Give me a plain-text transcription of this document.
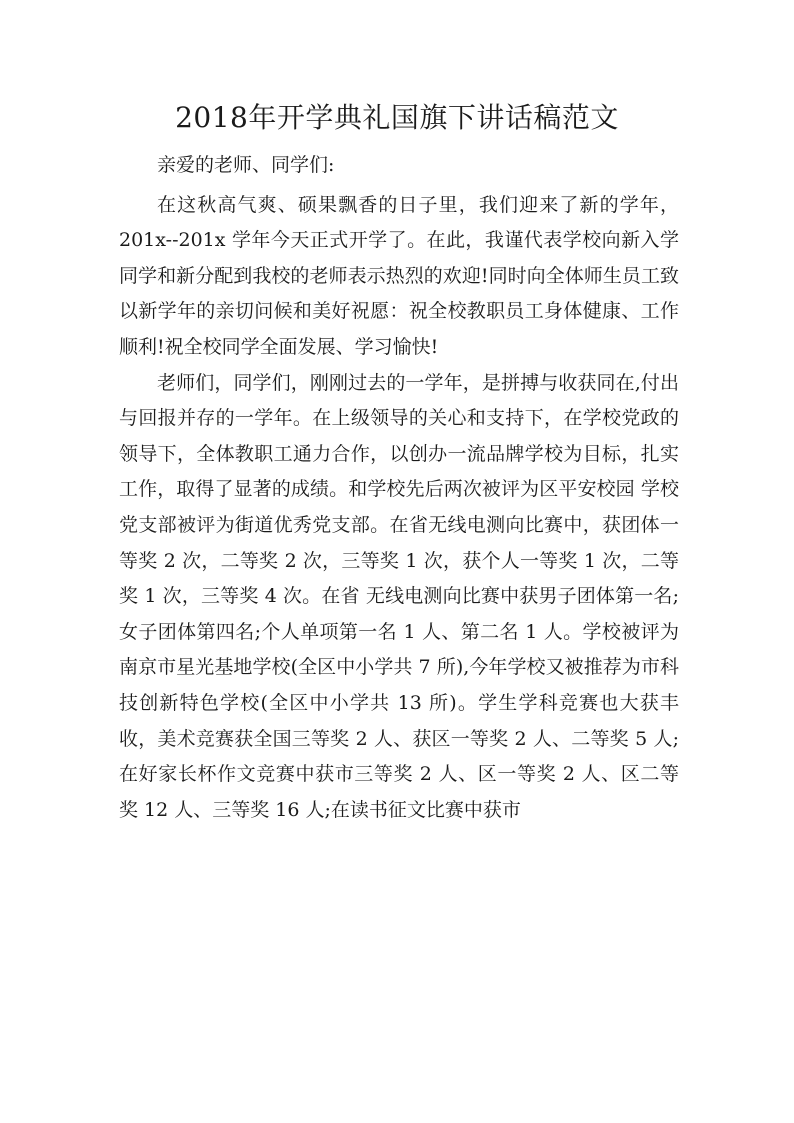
2018年开学典礼国旗下讲话稿范文

亲爱的老师、同学们:

在这秋高气爽、硕果飘香的日子里，我们迎来了新的学年，201x--201x 学年今天正式开学了。在此，我谨代表学校向新入学同学和新分配到我校的老师表示热烈的欢迎!同时向全体师生员工致以新学年的亲切问候和美好祝愿：祝全校教职员工身体健康、工作顺利!祝全校同学全面发展、学习愉快!

老师们，同学们，刚刚过去的一学年，是拼搏与收获同在,付出与回报并存的一学年。在上级领导的关心和支持下，在学校党政的领导下，全体教职工通力合作，以创办一流品牌学校为目标，扎实工作，取得了显著的成绩。和学校先后两次被评为区平安校园 学校党支部被评为街道优秀党支部。在省无线电测向比赛中，获团体一等奖 2 次，二等奖 2 次，三等奖 1 次，获个人一等奖 1 次，二等奖 1 次，三等奖 4 次。在省 无线电测向比赛中获男子团体第一名;女子团体第四名;个人单项第一名 1 人、第二名 1 人。学校被评为南京市星光基地学校(全区中小学共 7 所),今年学校又被推荐为市科技创新特色学校(全区中小学共 13 所)。学生学科竞赛也大获丰收，美术竞赛获全国三等奖 2 人、获区一等奖 2 人、二等奖 5 人;在好家长杯作文竞赛中获市三等奖 2 人、区一等奖 2 人、区二等奖 12 人、三等奖 16 人;在读书征文比赛中获市
